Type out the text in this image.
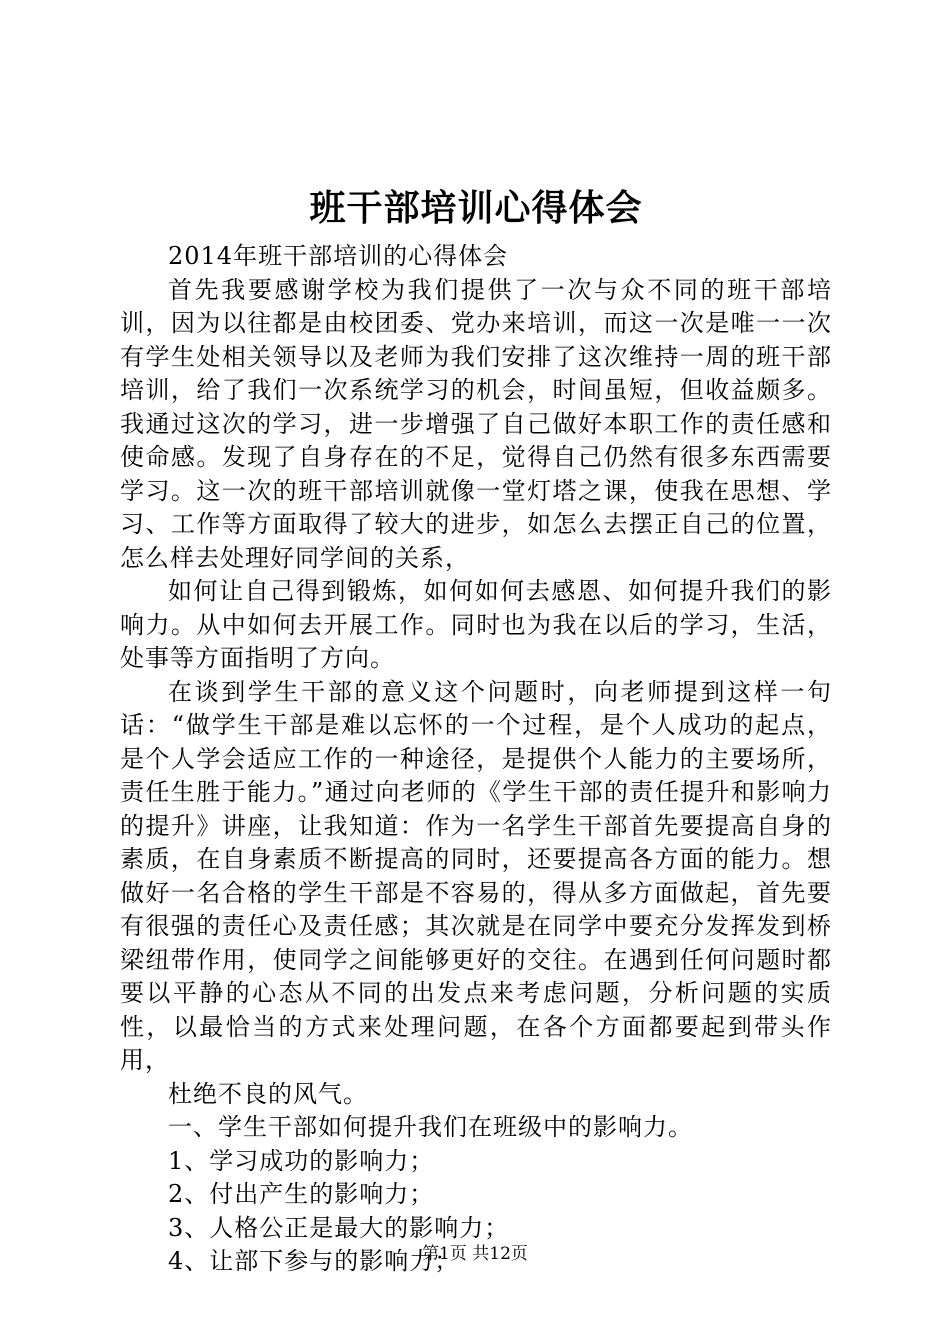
班干部培训心得体会

2014年班干部培训的心得体会

首先我要感谢学校为我们提供了一次与众不同的班干部培训，因为以往都是由校团委、党办来培训，而这一次是唯一一次有学生处相关领导以及老师为我们安排了这次维持一周的班干部培训，给了我们一次系统学习的机会，时间虽短，但收益颇多。我通过这次的学习，进一步增强了自己做好本职工作的责任感和使命感。发现了自身存在的不足，觉得自己仍然有很多东西需要学习。这一次的班干部培训就像一堂灯塔之课，使我在思想、学习、工作等方面取得了较大的进步，如怎么去摆正自己的位置，怎么样去处理好同学间的关系，

如何让自己得到锻炼，如何如何去感恩、如何提升我们的影响力。从中如何去开展工作。同时也为我在以后的学习，生活，处事等方面指明了方向。

在谈到学生干部的意义这个问题时，向老师提到这样一句话：“做学生干部是难以忘怀的一个过程，是个人成功的起点，是个人学会适应工作的一种途径，是提供个人能力的主要场所，责任生胜于能力。”通过向老师的《学生干部的责任提升和影响力的提升》讲座，让我知道：作为一名学生干部首先要提高自身的素质，在自身素质不断提高的同时，还要提高各方面的能力。想做好一名合格的学生干部是不容易的，得从多方面做起，首先要有很强的责任心及责任感；其次就是在同学中要充分发挥发到桥梁纽带作用，使同学之间能够更好的交往。在遇到任何问题时都要以平静的心态从不同的出发点来考虑问题，分析问题的实质性，以最恰当的方式来处理问题，在各个方面都要起到带头作用，

杜绝不良的风气。

一、学生干部如何提升我们在班级中的影响力。

1、学习成功的影响力；

2、付出产生的影响力；

3、人格公正是最大的影响力；

4、让部下参与的影响力；

第1页 共12页
